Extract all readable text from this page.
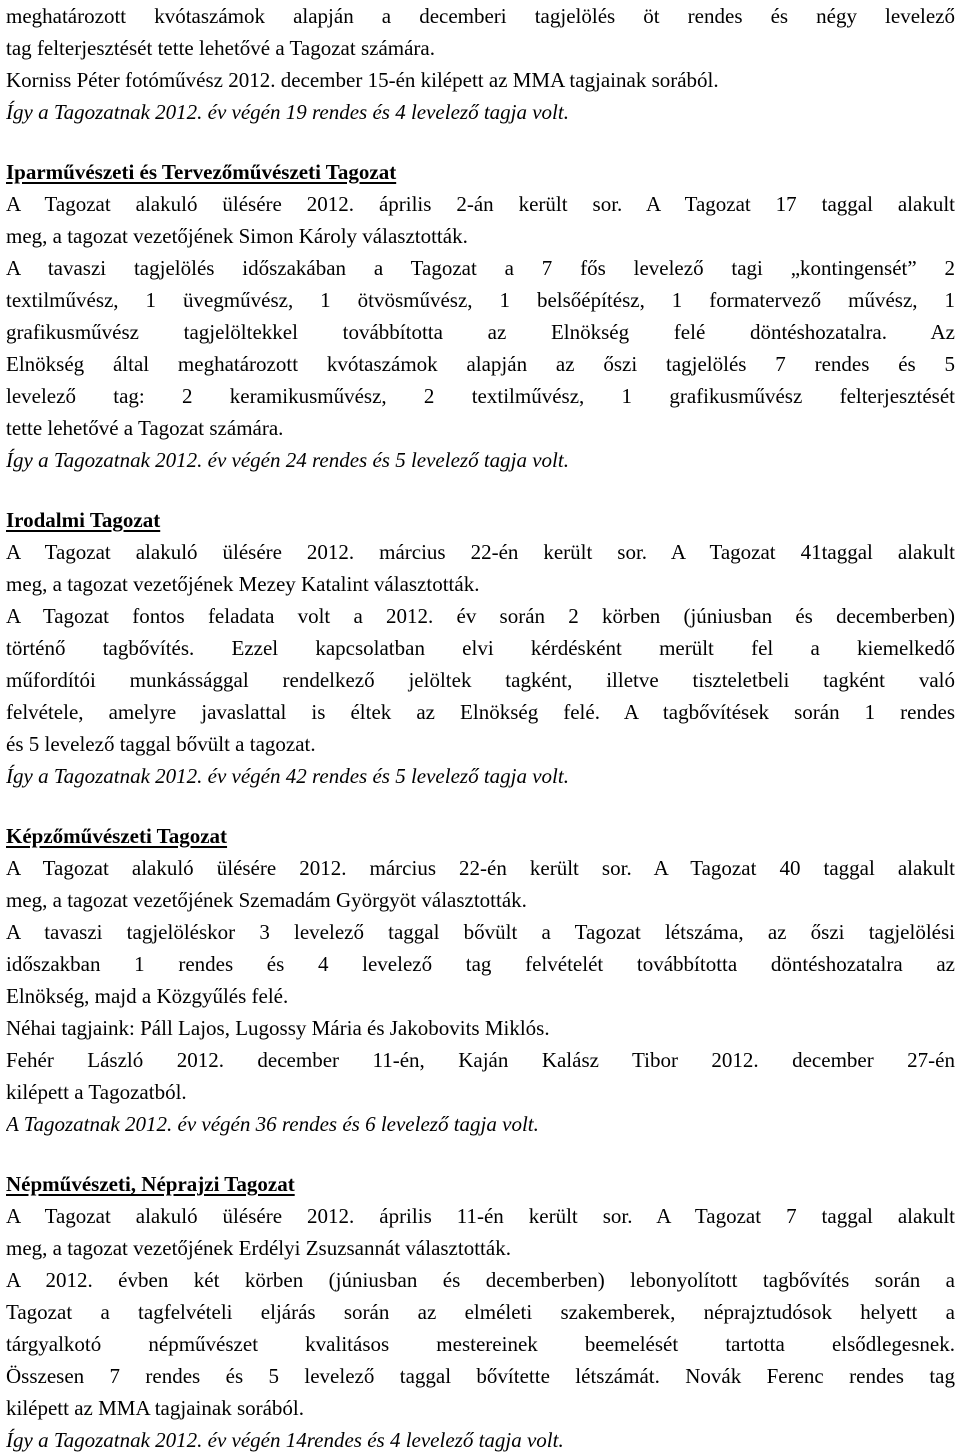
meghatározott kvótaszámok alapján a decemberi tagjelölés öt rendes és négy levelező
tag felterjesztését tette lehetővé a Tagozat számára.
Korniss Péter fotóművész 2012. december 15-én kilépett az MMA tagjainak sorából.
Így a Tagozatnak 2012. év végén 19 rendes és 4 levelező tagja volt.
Iparművészeti és Tervezőművészeti Tagozat
A Tagozat alakuló ülésére 2012. április 2-án került sor. A Tagozat 17 taggal alakult
meg, a tagozat vezetőjének Simon Károly választották.
A tavaszi tagjelölés időszakában a Tagozat a 7 fős levelező tagi „kontingensét” 2
textilművész, 1 üvegművész, 1 ötvösművész, 1 belsőépítész, 1 formatervező művész, 1
grafikusművész tagjelöltekkel továbbította az Elnökség felé döntéshozatalra. Az
Elnökség által meghatározott kvótaszámok alapján az őszi tagjelölés 7 rendes és 5
levelező tag: 2 keramikusművész, 2 textilművész, 1 grafikusművész felterjesztését
tette lehetővé a Tagozat számára.
Így a Tagozatnak 2012. év végén 24 rendes és 5 levelező tagja volt.
Irodalmi Tagozat
A Tagozat alakuló ülésére 2012. március 22-én került sor. A Tagozat 41taggal alakult
meg, a tagozat vezetőjének Mezey Katalint választották.
A Tagozat fontos feladata volt a 2012. év során 2 körben (júniusban és decemberben)
történő tagbővítés. Ezzel kapcsolatban elvi kérdésként merült fel a kiemelkedő
műfordítói munkássággal rendelkező jelöltek tagként, illetve tiszteletbeli tagként való
felvétele, amelyre javaslattal is éltek az Elnökség felé. A tagbővítések során 1 rendes
és 5 levelező taggal bővült a tagozat.
Így a Tagozatnak 2012. év végén 42 rendes és 5 levelező tagja volt.
Képzőművészeti Tagozat
A Tagozat alakuló ülésére 2012. március 22-én került sor. A Tagozat 40 taggal alakult
meg, a tagozat vezetőjének Szemadám Györgyöt választották.
A tavaszi tagjelöléskor 3 levelező taggal bővült a Tagozat létszáma, az őszi tagjelölési
időszakban 1 rendes és 4 levelező tag felvételét továbbította döntéshozatalra az
Elnökség, majd a Közgyűlés felé.
Néhai tagjaink: Páll Lajos, Lugossy Mária és Jakobovits Miklós.
Fehér László 2012. december 11-én, Kaján Kalász Tibor 2012. december 27-én
kilépett a Tagozatból.
A Tagozatnak 2012. év végén 36 rendes és 6 levelező tagja volt.
Népművészeti, Néprajzi Tagozat
A Tagozat alakuló ülésére 2012. április 11-én került sor. A Tagozat 7 taggal alakult
meg, a tagozat vezetőjének Erdélyi Zsuzsannát választották.
A 2012. évben két körben (júniusban és decemberben) lebonyolított tagbővítés során a
Tagozat a tagfelvételi eljárás során az elméleti szakemberek, néprajztudósok helyett a
tárgyalkotó népművészet kvalitásos mestereinek beemelését tartotta elsődlegesnek.
Összesen 7 rendes és 5 levelező taggal bővítette létszámát. Novák Ferenc rendes tag
kilépett az MMA tagjainak sorából.
Így a Tagozatnak 2012. év végén 14rendes és 4 levelező tagja volt.
